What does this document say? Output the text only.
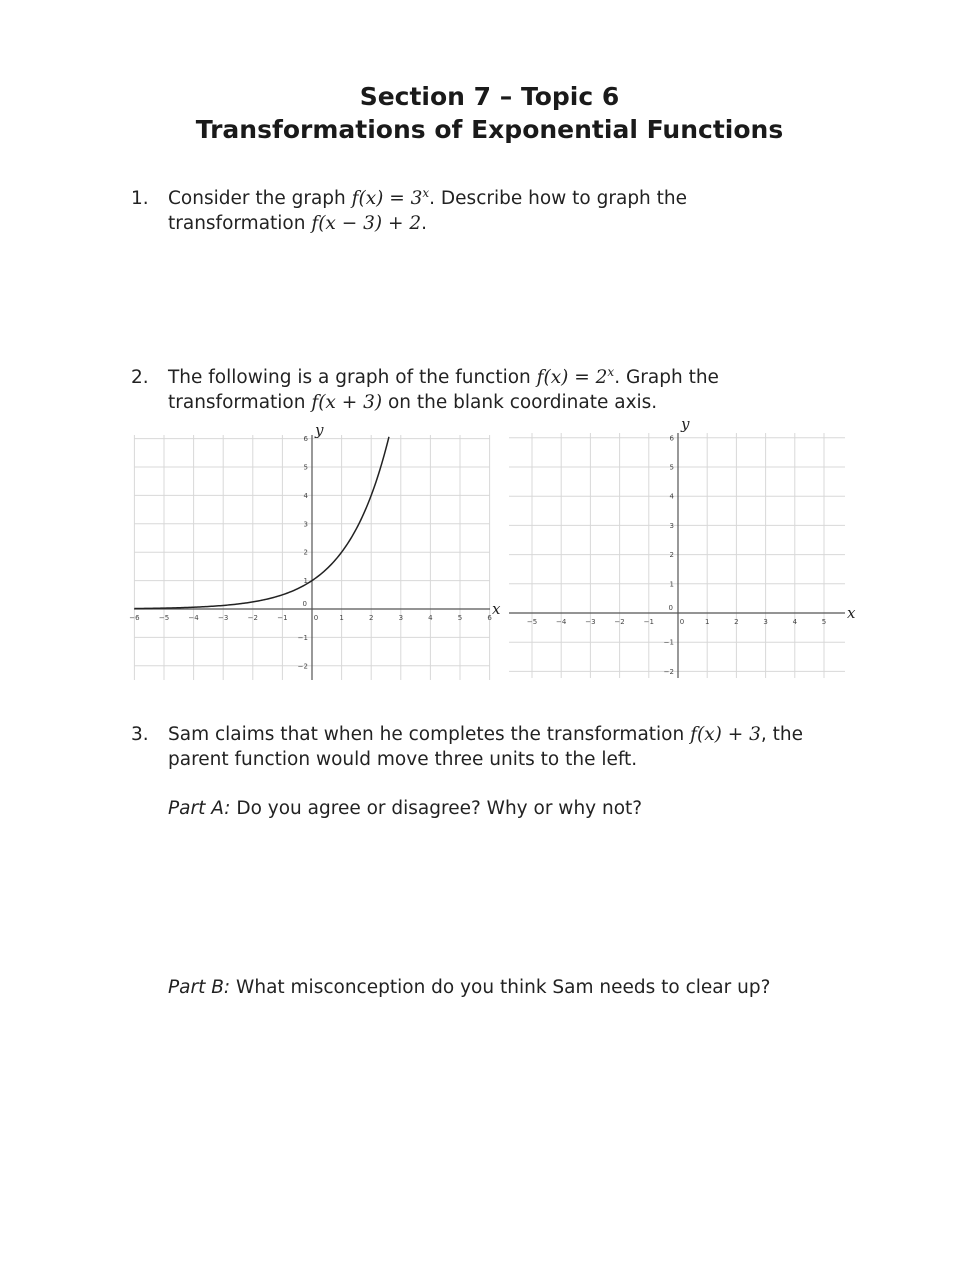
Section 7 – Topic 6
Transformations of Exponential Functions
1. Consider the graph $f(x) = 3^x$. Describe how to graph the
transformation f(x − 3) + 2.
2. The following is a graph of the function $f(x) = 2^x$. Graph the
transformation f(x + 3) on the blank coordinate axis.
−6	−5	−4	−3	−2	−1	0	1	2	3	4	5	6
−2
−1
0
1
2
3
4
5
6
x
y
−5	−4	−3	−2	−1	0	1	2	3	4	5
−2
−1
0
1
2
3
4
5
6
x
y
3. Sam claims that when he completes the transformation f(x) + 3, the
parent function would move three units to the left.
Part A: Do you agree or disagree? Why or why not?
Part B: What misconception do you think Sam needs to clear up?
